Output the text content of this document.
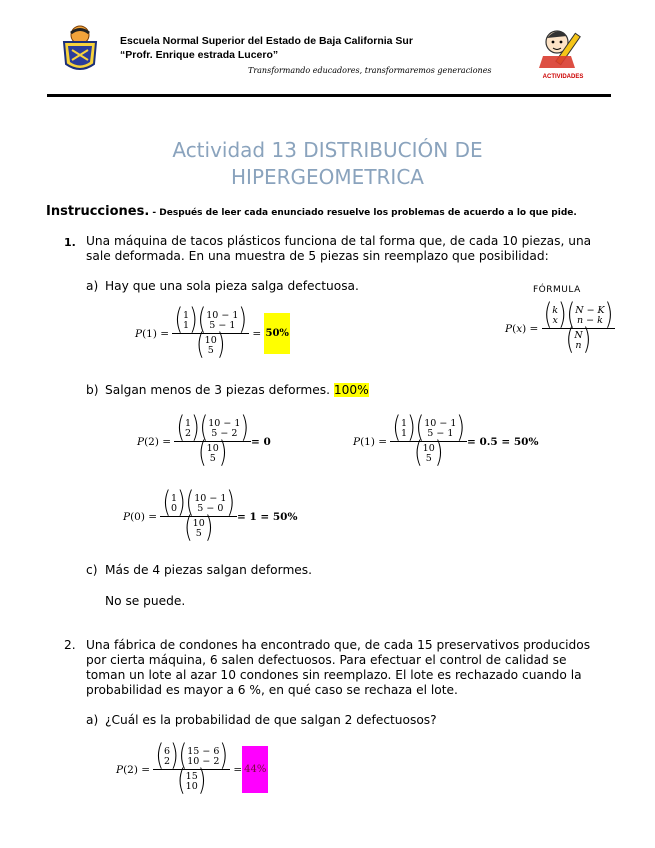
Escuela Normal Superior del Estado de Baja California Sur
“Profr. Enrique estrada Lucero”
Transformando educadores, transformaremos generaciones
ACTIVIDADES
Actividad 13 DISTRIBUCIÓN DE
HIPERGEOMETRICA
Instrucciones. - Después de leer cada enunciado resuelve los problemas de acuerdo a lo que pide.
1. Una máquina de tacos plásticos funciona de tal forma que, de cada 10 piezas, una
sale deformada. En una muestra de 5 piezas sin reemplazo que posibilidad:
a) Hay que una sola pieza salga defectuosa.	FÓRMULA
P ( x ) = ( k
x ) ( N − K
n − k )
( N
n )
P (1) = ( 1
1 ) ( 10 − 1
5 − 1 )
( 10
5 ) = 50%
b) Salgan menos de 3 piezas deformes. 100%
P (2) = ( 1
2 ) ( 10 − 1
5 − 2 )
( 10
5 ) = 0	P (1) = ( 1
1 ) ( 10 − 1
5 − 1 )
( 10
5 ) = 0.5 = 50%
P (0) = ( 1
0 ) ( 10 − 1
5 − 0 )
( 10
5 ) = 1 = 50%
c) Más de 4 piezas salgan deformes.
No se puede.
2. Una fábrica de condones ha encontrado que, de cada 15 preservativos producidos
por cierta máquina, 6 salen defectuosos. Para efectuar el control de calidad se
toman un lote al azar 10 condones sin reemplazo. El lote es rechazado cuando la
probabilidad es mayor a 6 %, en qué caso se rechaza el lote.
a) ¿Cuál es la probabilidad de que salgan 2 defectuosos?
P (2) = ( 6
2 ) ( 15 − 6
10 − 2 )
( 15
10 ) = 44%
